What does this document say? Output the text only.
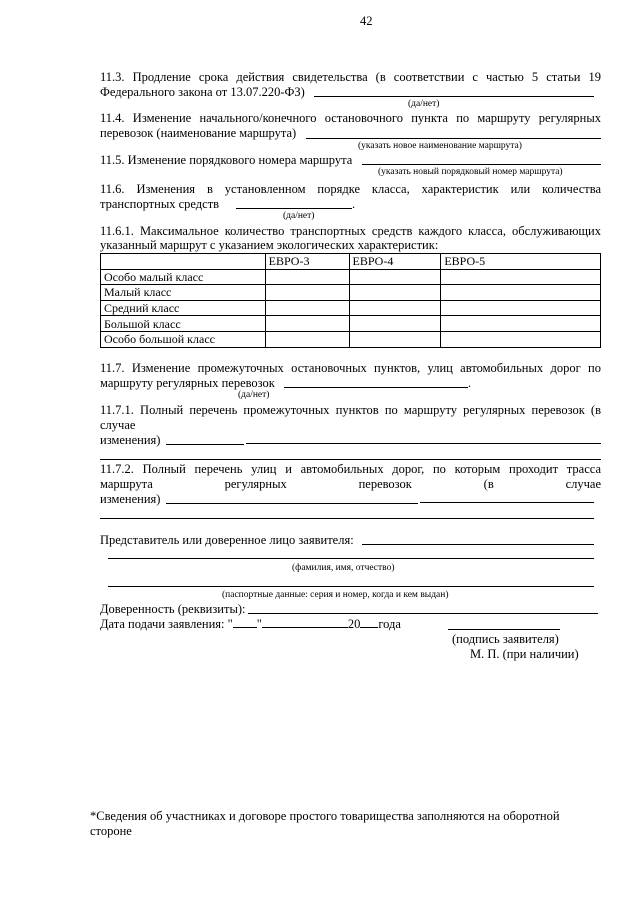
42
11.3. Продление срока действия свидетельства (в соответствии с частью 5 статьи 19
Федерального закона от 13.07.220-ФЗ)
(да/нет)
11.4. Изменение начального/конечного остановочного пункта по маршруту регулярных
перевозок (наименование маршрута)
(указать новое наименование маршрута)
11.5. Изменение порядкового номера маршрута
(указать новый порядковый номер маршрута)
11.6. Изменения в установленном порядке класса, характеристик или количества
транспортных средств	.
(да/нет)
11.6.1. Максимальное количество транспортных средств каждого класса, обслуживающих
указанный маршрут с указанием экологических характеристик:
	ЕВРО-3	ЕВРО-4	ЕВРО-5
Особо малый класс			
Малый класс			
Средний класс			
Большой класс			
Особо большой класс			
11.7. Изменение промежуточных остановочных пунктов, улиц автомобильных дорог по
маршруту регулярных перевозок	.
(да/нет)
11.7.1. Полный перечень промежуточных пунктов по маршруту регулярных перевозок (в
случае
изменения)
11.7.2. Полный перечень улиц и автомобильных дорог, по которым проходит трасса
маршрута регулярных перевозок (в случае
изменения)
Представитель или доверенное лицо заявителя:
(фамилия, имя, отчество)
(паспортные данные: серия и номер, когда и кем выдан)
Доверенность (реквизиты):
Дата подачи заявления: " "	20 года
(подпись заявителя)
М. П. (при наличии)
*Сведения об участниках и договоре простого товарищества заполняются на оборотной
стороне
